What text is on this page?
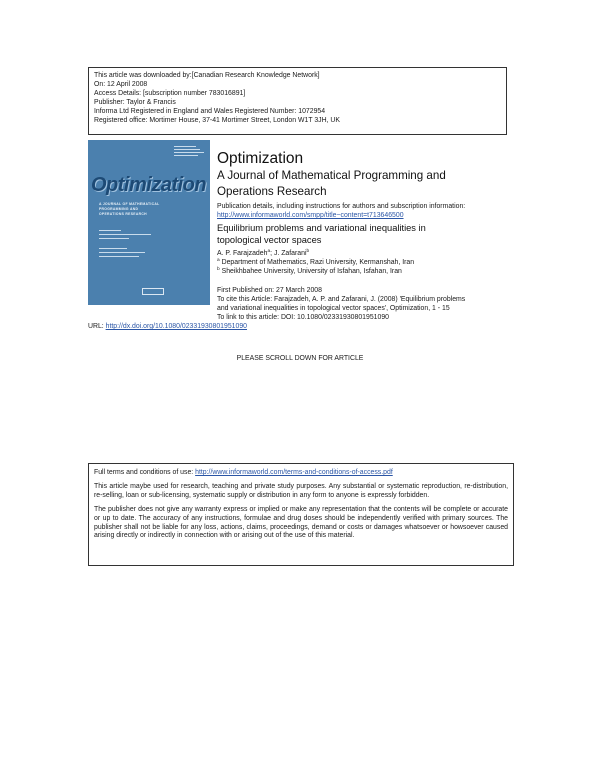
This article was downloaded by:[Canadian Research Knowledge Network]
On: 12 April 2008
Access Details: [subscription number 783016891]
Publisher: Taylor & Francis
Informa Ltd Registered in England and Wales Registered Number: 1072954
Registered office: Mortimer House, 37-41 Mortimer Street, London W1T 3JH, UK
Optimization
A JOURNAL OF MATHEMATICAL
PROGRAMMING AND
OPERATIONS RESEARCH
Optimization
A Journal of Mathematical Programming and
Operations Research
Publication details, including instructions for authors and subscription information:
http://www.informaworld.com/smpp/title~content=t713646500
Equilibrium problems and variational inequalities in
topological vector spaces
A. P. Farajzadeh$^a$; J. Zafarani$^b$
$^a$ Department of Mathematics, Razi University, Kermanshah, Iran
$^b$ Sheikhbahee University, University of Isfahan, Isfahan, Iran
First Published on: 27 March 2008
To cite this Article: Farajzadeh, A. P. and Zafarani, J. (2008) 'Equilibrium problems
and variational inequalities in topological vector spaces', Optimization, 1 - 15
To link to this article: DOI: 10.1080/02331930801951090
URL: http://dx.doi.org/10.1080/02331930801951090
PLEASE SCROLL DOWN FOR ARTICLE

Full terms and conditions of use: http://www.informaworld.com/terms-and-conditions-of-access.pdf

This article maybe used for research, teaching and private study purposes. Any substantial or systematic reproduction, re-distribution, re-selling, loan or sub-licensing, systematic supply or distribution in any form to anyone is expressly forbidden.

The publisher does not give any warranty express or implied or make any representation that the contents will be complete or accurate or up to date. The accuracy of any instructions, formulae and drug doses should be independently verified with primary sources. The publisher shall not be liable for any loss, actions, claims, proceedings, demand or costs or damages whatsoever or howsoever caused arising directly or indirectly in connection with or arising out of the use of this material.
